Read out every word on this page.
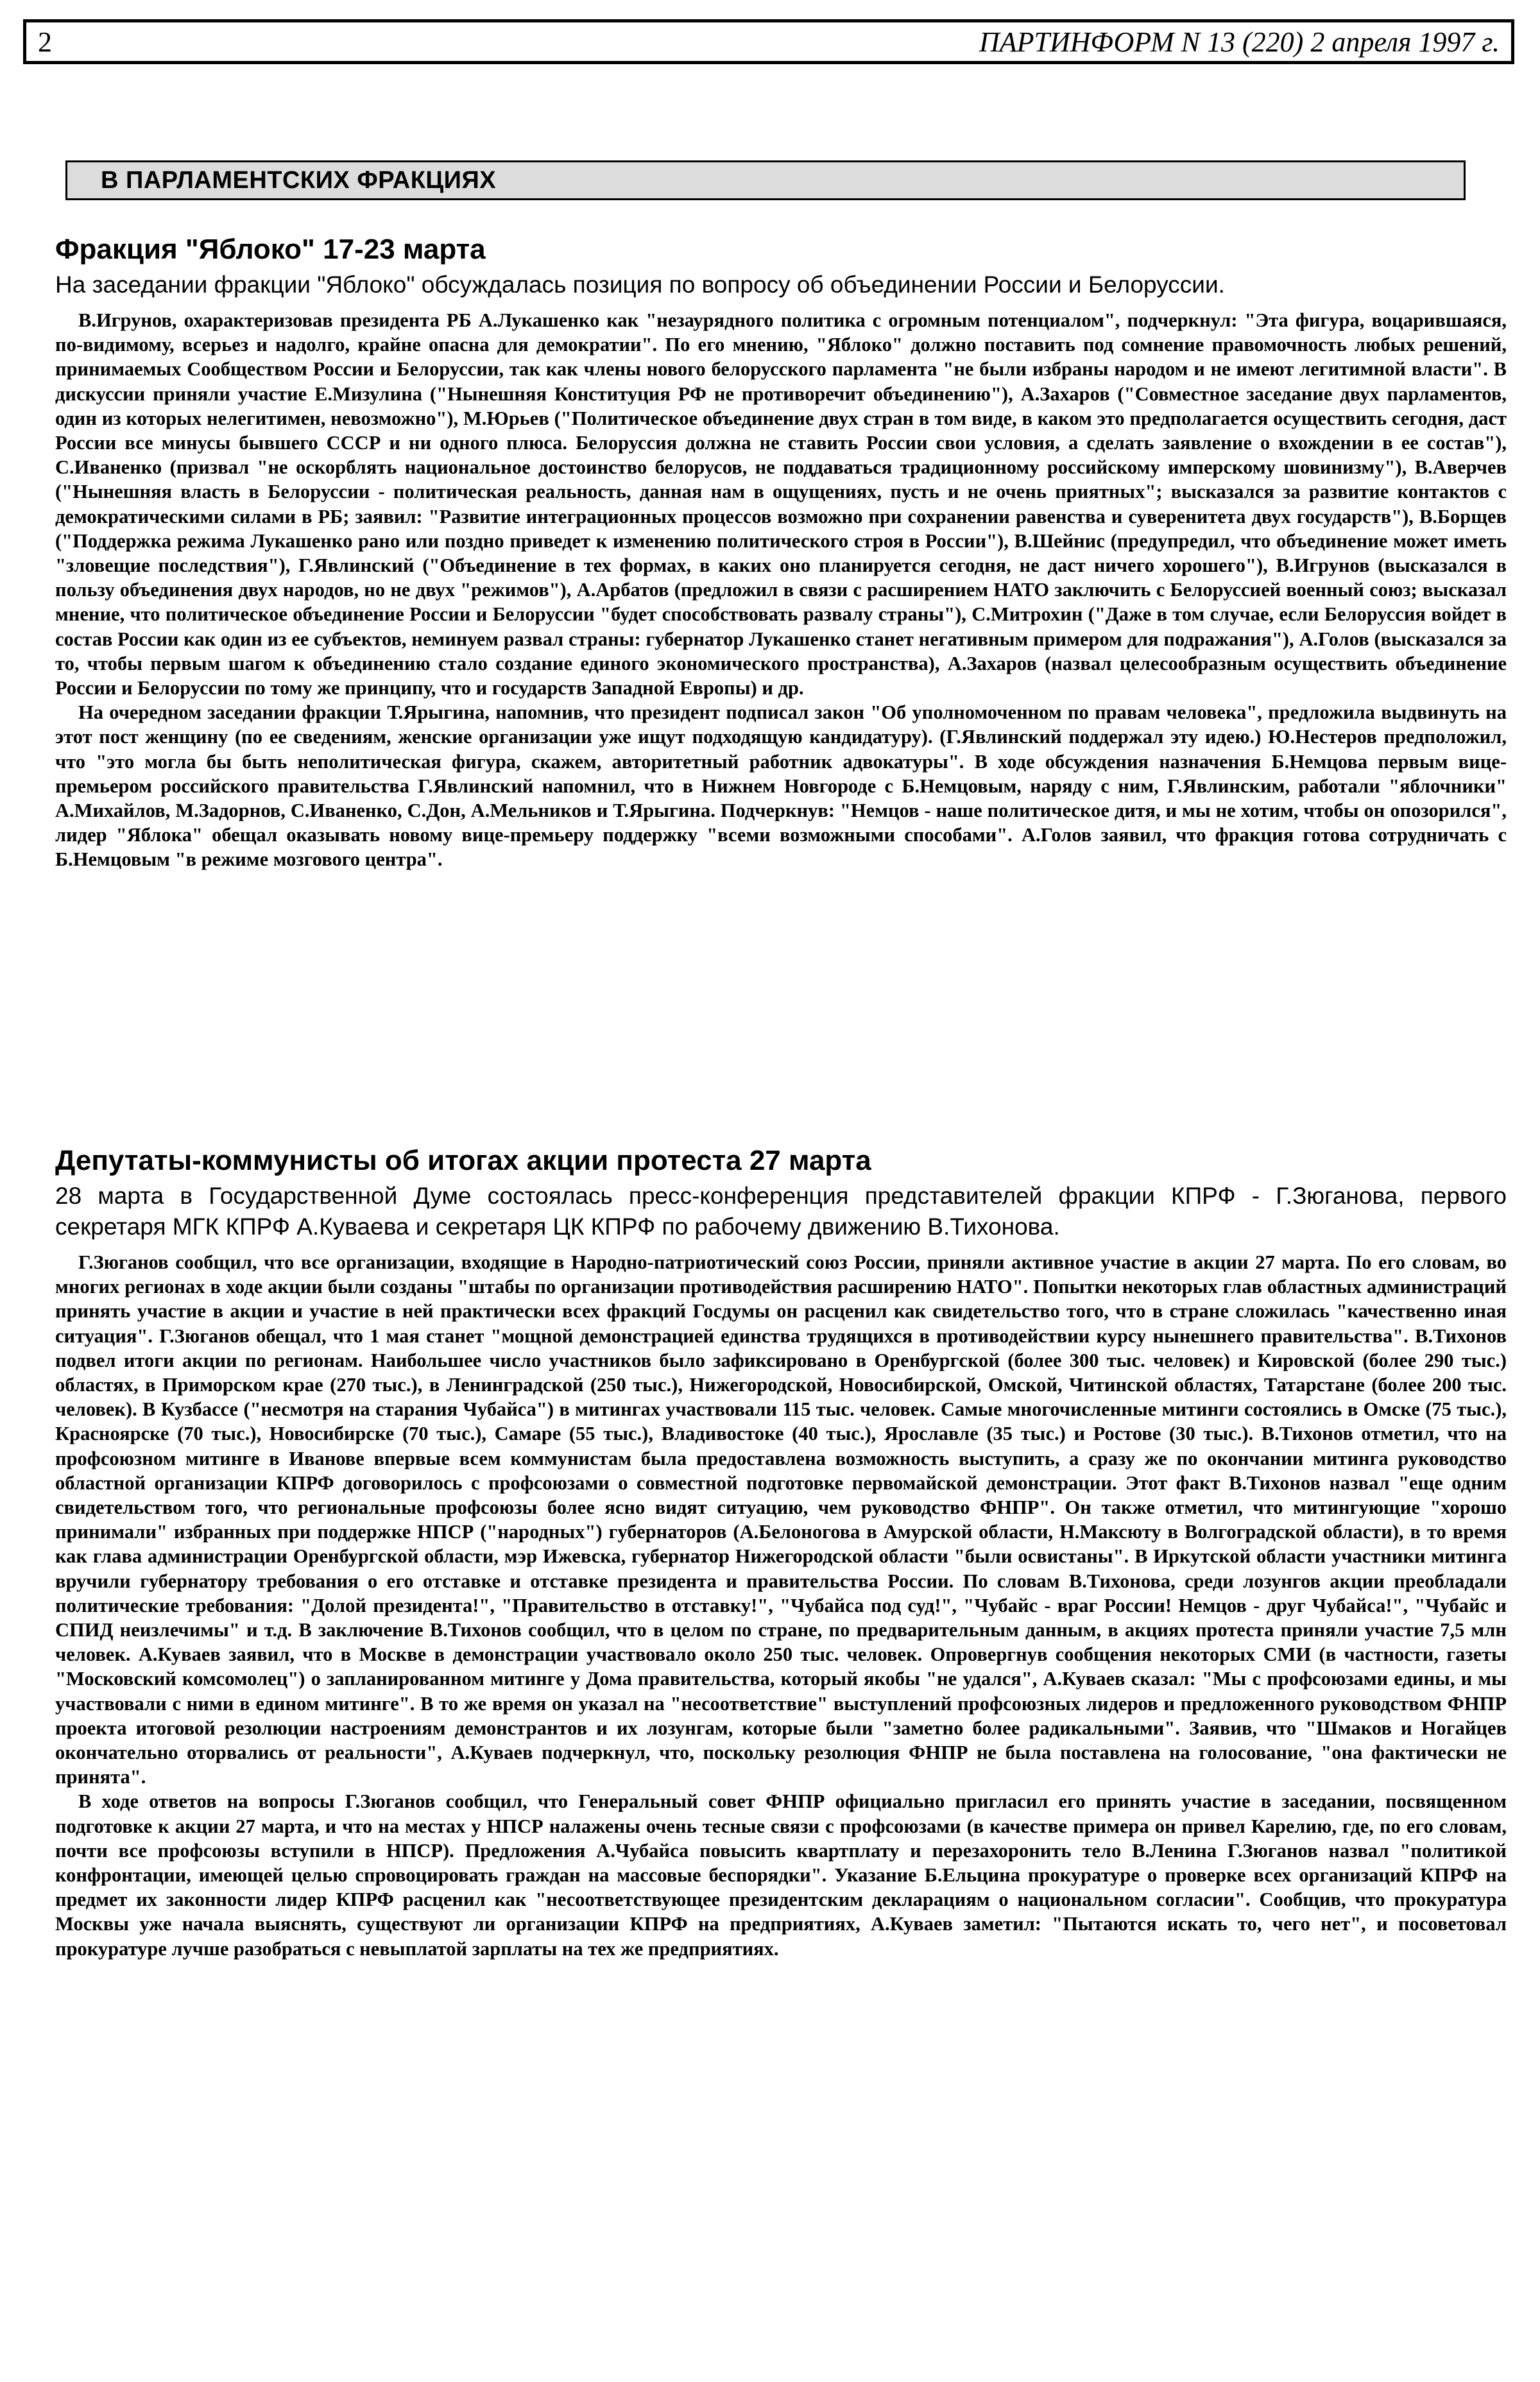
2	ПАРТИНФОРМ N 13 (220) 2 апреля 1997 г.
В ПАРЛАМЕНТСКИХ ФРАКЦИЯХ
Фракция "Яблоко" 17-23 марта

На заседании фракции "Яблоко" обсуждалась позиция по вопросу об объединении России и Белоруссии.

В.Игрунов, охарактеризовав президента РБ А.Лукашенко как "незаурядного политика с огромным потенциалом", подчеркнул: "Эта фигура, воцарившаяся, по-видимому, всерьез и надолго, крайне опасна для демократии". По его мнению, "Яблоко" должно поставить под сомнение правомочность любых решений, принимаемых Сообществом России и Белоруссии, так как члены нового белорусского парламента "не были избраны народом и не имеют легитимной власти". В дискуссии приняли участие Е.Мизулина ("Нынешняя Конституция РФ не противоречит объединению"), А.Захаров ("Совместное заседание двух парламентов, один из которых нелегитимен, невозможно"), М.Юрьев ("Политическое объединение двух стран в том виде, в каком это предполагается осуществить сегодня, даст России все минусы бывшего СССР и ни одного плюса. Белоруссия должна не ставить России свои условия, а сделать заявление о вхождении в ее состав"), С.Иваненко (призвал "не оскорблять национальное достоинство белорусов, не поддаваться традиционному российскому имперскому шовинизму"), В.Аверчев ("Нынешняя власть в Белоруссии - политическая реальность, данная нам в ощущениях, пусть и не очень приятных"; высказался за развитие контактов с демократическими силами в РБ; заявил: "Развитие интеграционных процессов возможно при сохранении равенства и суверенитета двух государств"), В.Борщев ("Поддержка режима Лукашенко рано или поздно приведет к изменению политического строя в России"), В.Шейнис (предупредил, что объединение может иметь "зловещие последствия"), Г.Явлинский ("Объединение в тех формах, в каких оно планируется сегодня, не даст ничего хорошего"), В.Игрунов (высказался в пользу объединения двух народов, но не двух "режимов"), А.Арбатов (предложил в связи с расширением НАТО заключить с Белоруссией военный союз; высказал мнение, что политическое объединение России и Белоруссии "будет способствовать развалу страны"), С.Митрохин ("Даже в том случае, если Белоруссия войдет в состав России как один из ее субъектов, неминуем развал страны: губернатор Лукашенко станет негативным примером для подражания"), А.Голов (высказался за то, чтобы первым шагом к объединению стало создание единого экономического пространства), А.Захаров (назвал целесообразным осуществить объединение России и Белоруссии по тому же принципу, что и государств Западной Европы) и др.

На очередном заседании фракции Т.Ярыгина, напомнив, что президент подписал закон "Об уполномоченном по правам человека", предложила выдвинуть на этот пост женщину (по ее сведениям, женские организации уже ищут подходящую кандидатуру). (Г.Явлинский поддержал эту идею.) Ю.Нестеров предположил, что "это могла бы быть неполитическая фигура, скажем, авторитетный работник адвокатуры". В ходе обсуждения назначения Б.Немцова первым вице-премьером российского правительства Г.Явлинский напомнил, что в Нижнем Новгороде с Б.Немцовым, наряду с ним, Г.Явлинским, работали "яблочники" А.Михайлов, М.Задорнов, С.Иваненко, С.Дон, А.Мельников и Т.Ярыгина. Подчеркнув: "Немцов - наше политическое дитя, и мы не хотим, чтобы он опозорился", лидер "Яблока" обещал оказывать новому вице-премьеру поддержку "всеми возможными способами". А.Голов заявил, что фракция готова сотрудничать с Б.Немцовым "в режиме мозгового центра".

Депутаты-коммунисты об итогах акции протеста 27 марта

28 марта в Государственной Думе состоялась пресс-конференция представителей фракции КПРФ - Г.Зюганова, первого секретаря МГК КПРФ А.Куваева и секретаря ЦК КПРФ по рабочему движению В.Тихонова.

Г.Зюганов сообщил, что все организации, входящие в Народно-патриотический союз России, приняли активное участие в акции 27 марта. По его словам, во многих регионах в ходе акции были созданы "штабы по организации противодействия расширению НАТО". Попытки некоторых глав областных администраций принять участие в акции и участие в ней практически всех фракций Госдумы он расценил как свидетельство того, что в стране сложилась "качественно иная ситуация". Г.Зюганов обещал, что 1 мая станет "мощной демонстрацией единства трудящихся в противодействии курсу нынешнего правительства". В.Тихонов подвел итоги акции по регионам. Наибольшее число участников было зафиксировано в Оренбургской (более 300 тыс. человек) и Кировской (более 290 тыс.) областях, в Приморском крае (270 тыс.), в Ленинградской (250 тыс.), Нижегородской, Новосибирской, Омской, Читинской областях, Татарстане (более 200 тыс. человек). В Кузбассе ("несмотря на старания Чубайса") в митингах участвовали 115 тыс. человек. Самые многочисленные митинги состоялись в Омске (75 тыс.), Красноярске (70 тыс.), Новосибирске (70 тыс.), Самаре (55 тыс.), Владивостоке (40 тыс.), Ярославле (35 тыс.) и Ростове (30 тыс.). В.Тихонов отметил, что на профсоюзном митинге в Иванове впервые всем коммунистам была предоставлена возможность выступить, а сразу же по окончании митинга руководство областной организации КПРФ договорилось с профсоюзами о совместной подготовке первомайской демонстрации. Этот факт В.Тихонов назвал "еще одним свидетельством того, что региональные профсоюзы более ясно видят ситуацию, чем руководство ФНПР". Он также отметил, что митингующие "хорошо принимали" избранных при поддержке НПСР ("народных") губернаторов (А.Белоногова в Амурской области, Н.Максюту в Волгоградской области), в то время как глава администрации Оренбургской области, мэр Ижевска, губернатор Нижегородской области "были освистаны". В Иркутской области участники митинга вручили губернатору требования о его отставке и отставке президента и правительства России. По словам В.Тихонова, среди лозунгов акции преобладали политические требования: "Долой президента!", "Правительство в отставку!", "Чубайса под суд!", "Чубайс - враг России! Немцов - друг Чубайса!", "Чубайс и СПИД неизлечимы" и т.д. В заключение В.Тихонов сообщил, что в целом по стране, по предварительным данным, в акциях протеста приняли участие 7,5 млн человек. А.Куваев заявил, что в Москве в демонстрации участвовало около 250 тыс. человек. Опровергнув сообщения некоторых СМИ (в частности, газеты "Московский комсомолец") о запланированном митинге у Дома правительства, который якобы "не удался", А.Куваев сказал: "Мы с профсоюзами едины, и мы участвовали с ними в едином митинге". В то же время он указал на "несоответствие" выступлений профсоюзных лидеров и предложенного руководством ФНПР проекта итоговой резолюции настроениям демонстрантов и их лозунгам, которые были "заметно более радикальными". Заявив, что "Шмаков и Ногайцев окончательно оторвались от реальности", А.Куваев подчеркнул, что, поскольку резолюция ФНПР не была поставлена на голосование, "она фактически не принята".

В ходе ответов на вопросы Г.Зюганов сообщил, что Генеральный совет ФНПР официально пригласил его принять участие в заседании, посвященном подготовке к акции 27 марта, и что на местах у НПСР налажены очень тесные связи с профсоюзами (в качестве примера он привел Карелию, где, по его словам, почти все профсоюзы вступили в НПСР). Предложения А.Чубайса повысить квартплату и перезахоронить тело В.Ленина Г.Зюганов назвал "политикой конфронтации, имеющей целью спровоцировать граждан на массовые беспорядки". Указание Б.Ельцина прокуратуре о проверке всех организаций КПРФ на предмет их законности лидер КПРФ расценил как "несоответствующее президентским декларациям о национальном согласии". Сообщив, что прокуратура Москвы уже начала выяснять, существуют ли организации КПРФ на предприятиях, А.Куваев заметил: "Пытаются искать то, чего нет", и посоветовал прокуратуре лучше разобраться с невыплатой зарплаты на тех же предприятиях.
